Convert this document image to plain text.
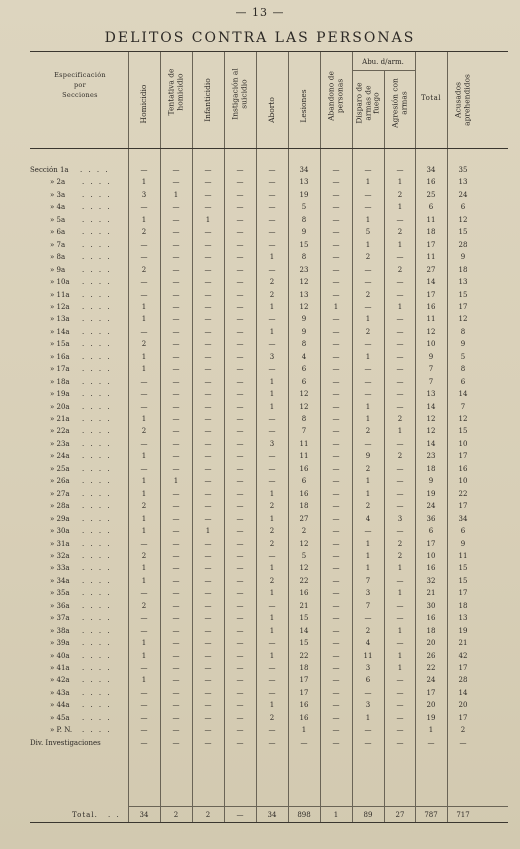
— 13 —
DELITOS CONTRA LAS PERSONAS
Especificación
por
Secciones	Homicidio	Tentativa de homicidio	Infanticidio	Instigación al suicidio
Aborto	Lesiones	Abandono de personas
Abu. d/arm.
Disparo de armas de fuego Agresión con armas	Total	Acusados aprehendidos
Sección 1a . . . .	—	—	—	—	—	34	—	—	—	34	35
» 2a . . . .	1	—	—	—	—	13	—	1	1	16	13
» 3a . . . .	3	1	—	—	—	19	—	—	2	25	24
» 4a . . . .	—	—	—	—	—	5	—	—	1	6	6
» 5a . . . .	1	—	1	—	—	8	—	1	—	11	12
» 6a . . . .	2	—	—	—	—	9	—	5	2	18	15
» 7a . . . .	—	—	—	—	—	15	—	1	1	17	28
» 8a . . . .	—	—	—	—	1	8	—	2	—	11	9
» 9a . . . .	2	—	—	—	—	23	—	—	2	27	18
» 10a . . . .	—	—	—	—	2	12	—	—	—	14	13
» 11a . . . .	—	—	—	—	2	13	—	2	—	17	15
» 12a . . . .	1	—	—	—	1	12	1	—	1	16	17
» 13a . . . .	1	—	—	—	—	9	—	1	—	11	12
» 14a . . . .	—	—	—	—	1	9	—	2	—	12	8
» 15a . . . .	2	—	—	—	—	8	—	—	—	10	9
» 16a . . . .	1	—	—	—	3	4	—	1	—	9	5
» 17a . . . .	1	—	—	—	—	6	—	—	—	7	8
» 18a . . . .	—	—	—	—	1	6	—	—	—	7	6
» 19a . . . .	—	—	—	—	1	12	—	—	—	13	14
» 20a . . . .	—	—	—	—	1	12	—	1	—	14	7
» 21a . . . .	1	—	—	—	—	8	—	1	2	12	12
» 22a . . . .	2	—	—	—	—	7	—	2	1	12	15
» 23a . . . .	—	—	—	—	3	11	—	—	—	14	10
» 24a . . . .	1	—	—	—	—	11	—	9	2	23	17
» 25a . . . .	—	—	—	—	—	16	—	2	—	18	16
» 26a . . . .	1	1	—	—	—	6	—	1	—	9	10
» 27a . . . .	1	—	—	—	1	16	—	1	—	19	22
» 28a . . . .	2	—	—	—	2	18	—	2	—	24	17
» 29a . . . .	1	—	—	—	1	27	—	4	3	36	34
» 30a . . . .	1	—	1	—	2	2	—	—	—	6	6
» 31a . . . .	—	—	—	—	2	12	—	1	2	17	9
» 32a . . . .	2	—	—	—	—	5	—	1	2	10	11
» 33a . . . .	1	—	—	—	1	12	—	1	1	16	15
» 34a . . . .	1	—	—	—	2	22	—	7	—	32	15
» 35a . . . .	—	—	—	—	1	16	—	3	1	21	17
» 36a . . . .	2	—	—	—	—	21	—	7	—	30	18
» 37a . . . .	—	—	—	—	1	15	—	—	—	16	13
» 38a . . . .	—	—	—	—	1	14	—	2	1	18	19
» 39a . . . .	1	—	—	—	—	15	—	4	—	20	21
» 40a . . . .	1	—	—	—	1	22	—	11	1	26	42
» 41a . . . .	—	—	—	—	—	18	—	3	1	22	17
» 42a . . . .	1	—	—	—	—	17	—	6	—	24	28
» 43a . . . .	—	—	—	—	—	17	—	—	—	17	14
» 44a . . . .	—	—	—	—	1	16	—	3	—	20	20
» 45a . . . .	—	—	—	—	2	16	—	1	—	19	17
» P. N. . . . .	—	—	—	—	—	1	—	—	—	1	2
Div. Investigaciones	—	—	—	—	—	—	—	—	—	—	—
Total. . .	34	2	2	—	34	898	1	89	27	787	717
